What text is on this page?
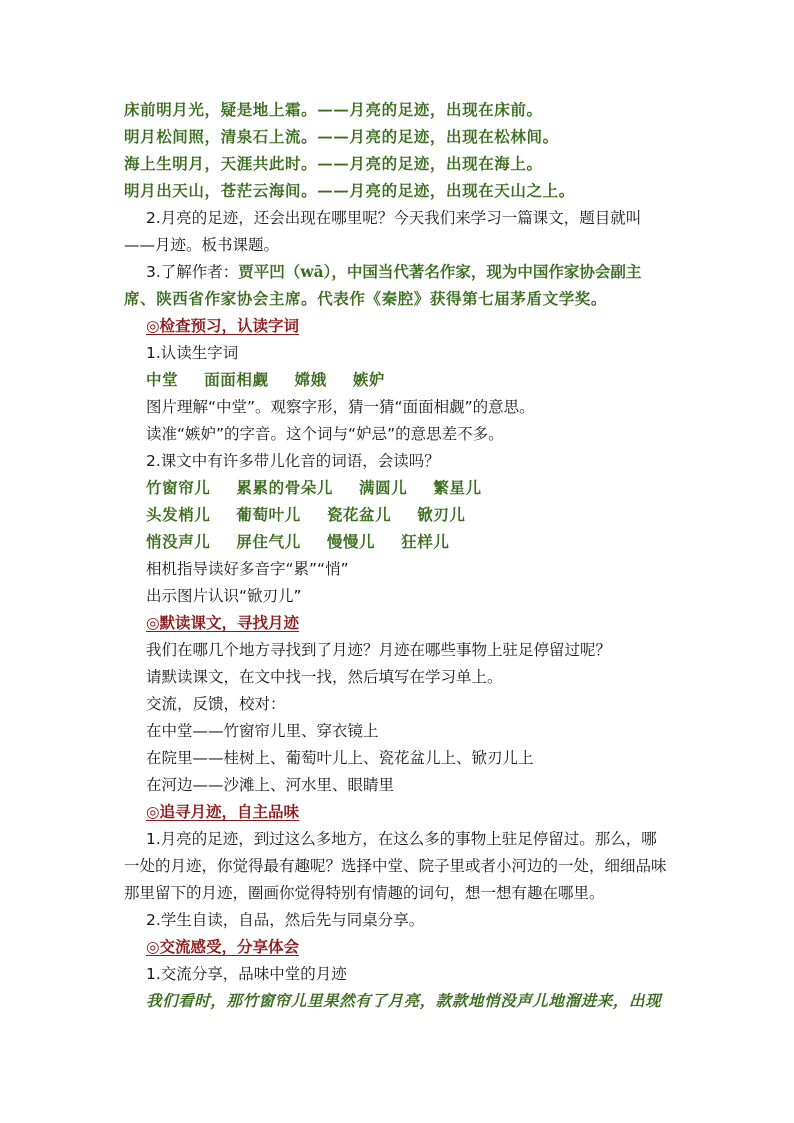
床前明月光，疑是地上霜。——月亮的足迹，出现在床前。
明月松间照，清泉石上流。——月亮的足迹，出现在松林间。
海上生明月，天涯共此时。——月亮的足迹，出现在海上。
明月出天山，苍茫云海间。——月亮的足迹，出现在天山之上。
2.月亮的足迹，还会出现在哪里呢？今天我们来学习一篇课文，题目就叫
——月迹。板书课题。
3.了解作者：贾平凹（wā），中国当代著名作家，现为中国作家协会副主
席、陕西省作家协会主席。代表作《秦腔》获得第七届茅盾文学奖。
◎检查预习，认读字词
1.认读生字词
中堂 面面相觑 嫦娥 嫉妒
图片理解“中堂”。观察字形，猜一猜“面面相觑”的意思。
读准“嫉妒”的字音。这个词与“妒忌”的意思差不多。
2.课文中有许多带儿化音的词语，会读吗？
竹窗帘儿 累累的骨朵儿 满圆儿 繁星儿
头发梢儿 葡萄叶儿 瓷花盆儿 锨刃儿
悄没声儿 屏住气儿 慢慢儿 狂样儿
相机指导读好多音字“累”“悄”
出示图片认识“锨刃儿”
◎默读课文，寻找月迹
我们在哪几个地方寻找到了月迹？月迹在哪些事物上驻足停留过呢？
请默读课文，在文中找一找，然后填写在学习单上。
交流，反馈，校对：
在中堂——竹窗帘儿里、穿衣镜上
在院里——桂树上、葡萄叶儿上、瓷花盆儿上、锨刃儿上
在河边——沙滩上、河水里、眼睛里
◎追寻月迹，自主品味
1.月亮的足迹，到过这么多地方，在这么多的事物上驻足停留过。那么，哪
一处的月迹，你觉得最有趣呢？选择中堂、院子里或者小河边的一处，细细品味
那里留下的月迹，圈画你觉得特别有情趣的词句，想一想有趣在哪里。
2.学生自读，自品，然后先与同桌分享。
◎交流感受，分享体会
1.交流分享，品味中堂的月迹
我们看时，那竹窗帘儿里果然有了月亮，款款地悄没声儿地溜进来，出现
